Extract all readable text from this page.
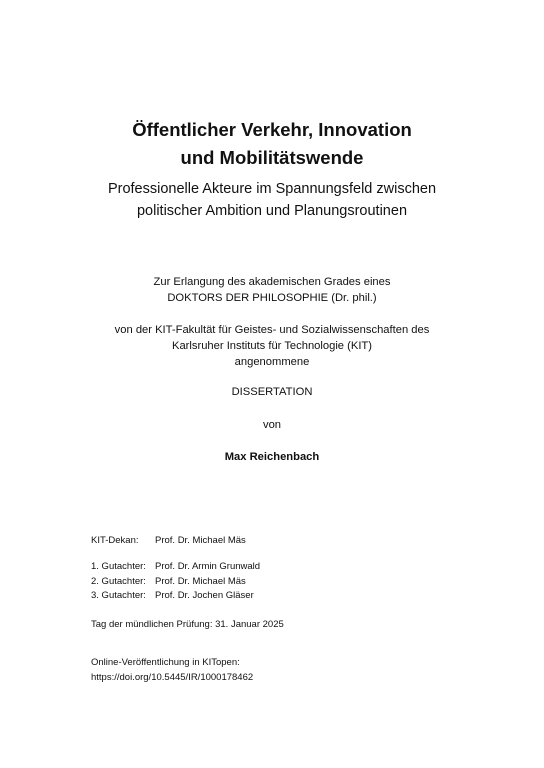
Öffentlicher Verkehr, Innovation
und Mobilitätswende
Professionelle Akteure im Spannungsfeld zwischen
politischer Ambition und Planungsroutinen
Zur Erlangung des akademischen Grades eines
DOKTORS DER PHILOSOPHIE (Dr. phil.)
von der KIT-Fakultät für Geistes- und Sozialwissenschaften des
Karlsruher Instituts für Technologie (KIT)
angenommene
DISSERTATION
von
Max Reichenbach
KIT-Dekan: Prof. Dr. Michael Mäs
1. Gutachter: Prof. Dr. Armin Grunwald
2. Gutachter: Prof. Dr. Michael Mäs
3. Gutachter: Prof. Dr. Jochen Gläser
Tag der mündlichen Prüfung: 31. Januar 2025
Online-Veröffentlichung in KITopen:
https://doi.org/10.5445/IR/1000178462
